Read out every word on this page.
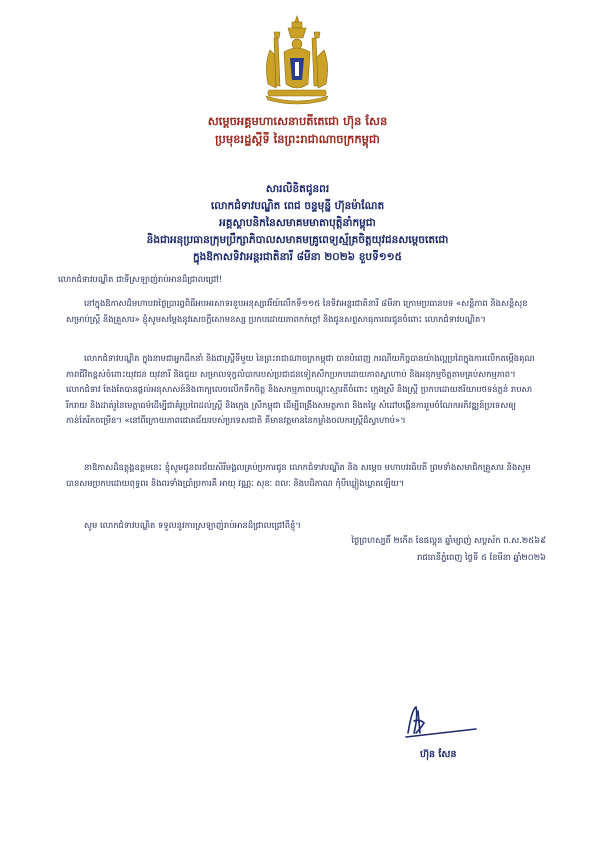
សម្តេចអគ្គមហាសេនាបតីតេជោ ហ៊ុន សែន
ប្រមុខរដ្ឋស្តីទី នៃព្រះរាជាណាចក្រកម្ពុជា
សារលិខិតជូនពរ
លោកជំទាវបណ្ឌិត ពេជ ចន្ទមុន្នី ហ៊ុនម៉ាណែត
អគ្គស្ថាបនិកនៃសមាគមមាតាបុត្តិនាំកម្ពុជា
និងជាអនុប្រធានក្រុមប្រឹក្សាភិបាលសមាគមគ្រូពេទ្យស្ម័គ្រចិត្តយុវជនសម្តេចតេជោ
ក្នុងឱកាសទិវាអន្តរជាតិនារី ៨មីនា ២០២៦ ខួបទី១១៥
លោកជំទាវបណ្ឌិត ជាទីស្រឡាញ់រាប់អានដ៏ជ្រាលជ្រៅ!
នៅក្នុងឱកាសដ៏មហាបវរថ្ងៃប្រារព្ធពិធីអបអរសាទរខួបអនុស្សាវរីយ៍លើកទី១១៥ នៃទិវាអន្តរជាតិនារី ៨មីនា ក្រោមប្រធានបទ «សន្តិភាព និងសន្តិសុខសម្រាប់ស្ត្រី និងគ្រួសារ» ខ្ញុំសូមសម្តែងនូវសេចក្តីសោមនស្ស ប្រកបដោយភាពកក់ក្តៅ និងជូនសព្ទសាធុការពរជូនចំពោះ លោកជំទាវបណ្ឌិត។
លោកជំទាវបណ្ឌិត ក្នុងនាមជាអ្នកដឹកនាំ និងជាស្ត្រីទីមួយ នៃព្រះរាជាណាចក្រកម្ពុជា បានបំពេញ ករណីយកិច្ចបានយ៉ាងល្អប្រពៃក្នុងការលើកតម្កើងគុណភាពជីវិតខ្ពស់ចំពោះយុវជន យុវនារី និងជួយ សម្រាលទុក្ខលំបាករបស់ប្រជាជនទៀតសឹកប្រកបដោយភាពស្វាហាប់ និងអនុកម្មចិត្តតាមគ្រប់សកម្មភាព។ លោកជំទាវ តែងតែបានផ្តល់អនុសាសន៍និងពាក្យលេចលើកទឹកចិត្ត និងសកម្មភាពបណ្តុះស្មារតីចំពោះ ក្មេងស្រី និងស្ត្រី ប្រកបដោយឥរិយាបថទន់ភ្លន់ រាបសា រីករាយ និងដាត់រួនៃមេត្តាធម៌ដើម្បីជាគំរូប្រពៃដល់ស្ត្រី និងក្មេង ស្រីកម្ពុជា ដើម្បីពង្រឹងសមត្ថភាព និងតម្លៃ សំដៅបង្កើនការរួមចំណែកអភិវឌ្ឍន៍ប្រទេសឲ្យកាន់តែរីកចម្រើន។ «នៅពីក្រោយភាពជោគជ័យរបស់ប្រទេសជាតិ គឺមានវត្តមាននៃកម្លាំងចលករស្ត្រីដ៏ស្វាហាប់»។
នាឱកាសដ៏ឧត្តុង្គឧត្តមនេះ ខ្ញុំសូមជូនពរជ័យសិរីមង្គលគ្រប់ប្រការជូន លោកជំទាវបណ្ឌិត និង សម្តេច មហាបវរធិបតី ព្រមទាំងសមាជិកគ្រួសារ និងសូមបានសមប្រកបដោយពុទ្ធពរ និងពរទាំងប្រាំប្រការគឺ អាយុ វណ្ណៈ សុខៈ ពលៈ និងបដិភាណ កុំបីឃ្លៀងឃ្លាតឡើយ។
សូម លោកជំទាវបណ្ឌិត ទទួលនូវការស្រឡាញ់រាប់អានដ៏ជ្រាលជ្រៅពីខ្ញុំ។
ថ្ងៃព្រហស្បតិ៍ ២កើត ខែផល្គុន ឆ្នាំម្សាញ់ សប្តស័ក ព.ស.២៥៦៩
រាជធានីភ្នំពេញ ថ្ងៃទី ៥ ខែមីនា ឆ្នាំ២០២៦
ហ៊ុន សែន
